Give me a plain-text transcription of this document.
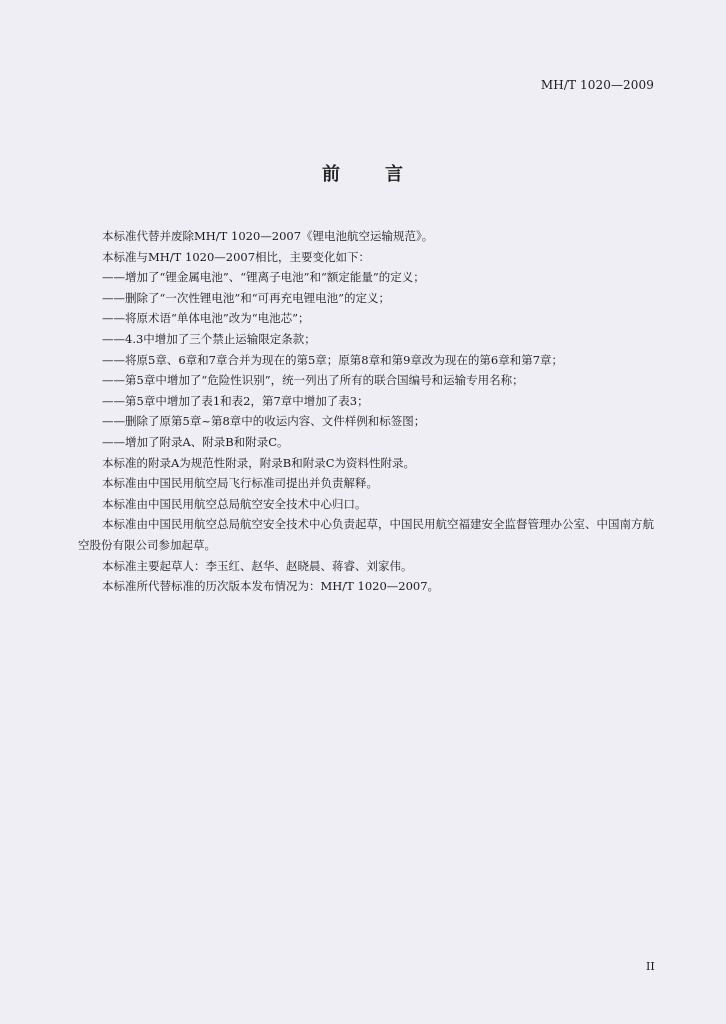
MH/T 1020—2009
前 言

本标准代替并废除MH/T 1020—2007《锂电池航空运输规范》。

本标准与MH/T 1020—2007相比，主要变化如下：

——增加了“锂金属电池”、“锂离子电池”和“额定能量”的定义；

——删除了“一次性锂电池”和“可再充电锂电池”的定义；

——将原术语“单体电池”改为“电池芯”；

——4.3中增加了三个禁止运输限定条款；

——将原5章、6章和7章合并为现在的第5章；原第8章和第9章改为现在的第6章和第7章；

——第5章中增加了“危险性识别”，统一列出了所有的联合国编号和运输专用名称；

——第5章中增加了表1和表2，第7章中增加了表3；

——删除了原第5章~第8章中的收运内容、文件样例和标签图；

——增加了附录A、附录B和附录C。

本标准的附录A为规范性附录，附录B和附录C为资料性附录。

本标准由中国民用航空局飞行标准司提出并负责解释。

本标准由中国民用航空总局航空安全技术中心归口。

本标准由中国民用航空总局航空安全技术中心负责起草，中国民用航空福建安全监督管理办公室、中国南方航空股份有限公司参加起草。

本标准主要起草人：李玉红、赵华、赵晓晨、蒋睿、刘家伟。

本标准所代替标准的历次版本发布情况为：MH/T 1020—2007。

II
